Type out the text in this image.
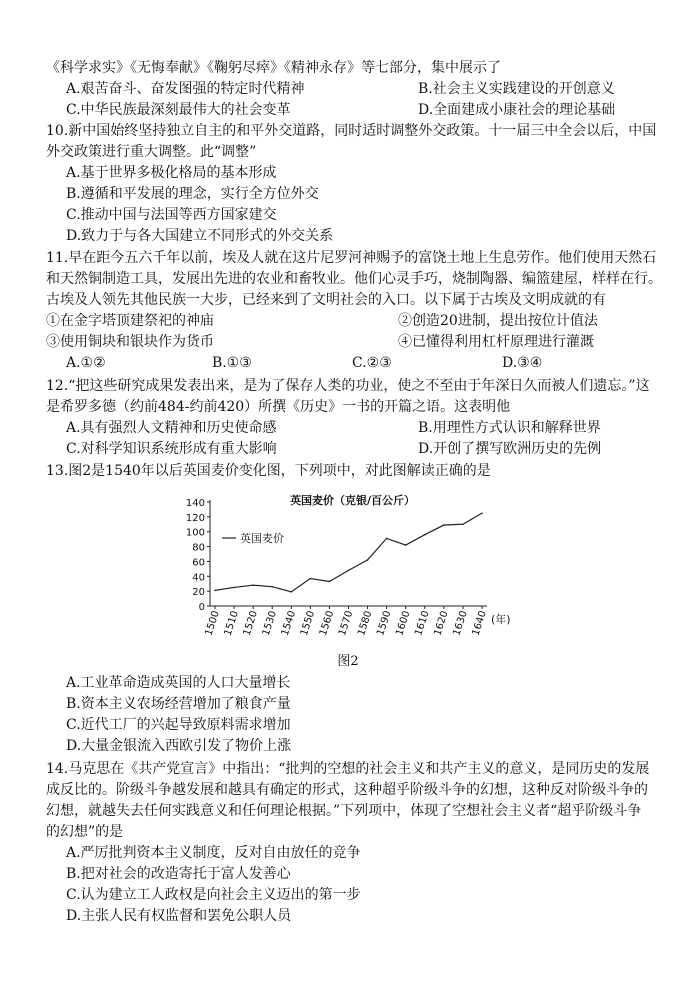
《科学求实》《无悔奉献》《鞠躬尽瘁》《精神永存》等七部分，集中展示了
A.艰苦奋斗、奋发图强的特定时代精神	B.社会主义实践建设的开创意义
C.中华民族最深刻最伟大的社会变革	D.全面建成小康社会的理论基础
10.新中国始终坚持独立自主的和平外交道路，同时适时调整外交政策。十一届三中全会以后，中国
外交政策进行重大调整。此“调整”
A.基于世界多极化格局的基本形成
B.遵循和平发展的理念，实行全方位外交
C.推动中国与法国等西方国家建交
D.致力于与各大国建立不同形式的外交关系
11.早在距今五六千年以前，埃及人就在这片尼罗河神赐予的富饶土地上生息劳作。他们使用天然石
和天然铜制造工具，发展出先进的农业和畜牧业。他们心灵手巧，烧制陶器、编篮建屋，样样在行。
古埃及人领先其他民族一大步，已经来到了文明社会的入口。以下属于古埃及文明成就的有
①在金字塔顶建祭祀的神庙	②创造20进制，提出按位计值法
③使用铜块和银块作为货币	④已懂得利用杠杆原理进行灌溉
A.①②	B.①③	C.②③	D.③④
12.“把这些研究成果发表出来，是为了保存人类的功业，使之不至由于年深日久而被人们遗忘。”这
是希罗多德（约前484-约前420）所撰《历史》一书的开篇之语。这表明他
A.具有强烈人文精神和历史使命感	B.用理性方式认识和解释世界
C.对科学知识系统形成有重大影响	D.开创了撰写欧洲历史的先例
13.图2是1540年以后英国麦价变化图，下列项中，对此图解读正确的是
0
20
40
60
80
100
120
140
1500 1510 1520 1530 1540 1550 1560 1570 1580 1590 1600 1610 1620 1630 1640
英国麦价（克银/百公斤）
英国麦价
(年)
图2
A.工业革命造成英国的人口大量增长
B.资本主义农场经营增加了粮食产量
C.近代工厂的兴起导致原料需求增加
D.大量金银流入西欧引发了物价上涨
14.马克思在《共产党宣言》中指出：“批判的空想的社会主义和共产主义的意义，是同历史的发展
成反比的。阶级斗争越发展和越具有确定的形式，这种超乎阶级斗争的幻想，这种反对阶级斗争的
幻想，就越失去任何实践意义和任何理论根据。”下列项中，体现了空想社会主义者“超乎阶级斗争
的幻想”的是
A.严厉批判资本主义制度，反对自由放任的竞争
B.把对社会的改造寄托于富人发善心
C.认为建立工人政权是向社会主义迈出的第一步
D.主张人民有权监督和罢免公职人员
